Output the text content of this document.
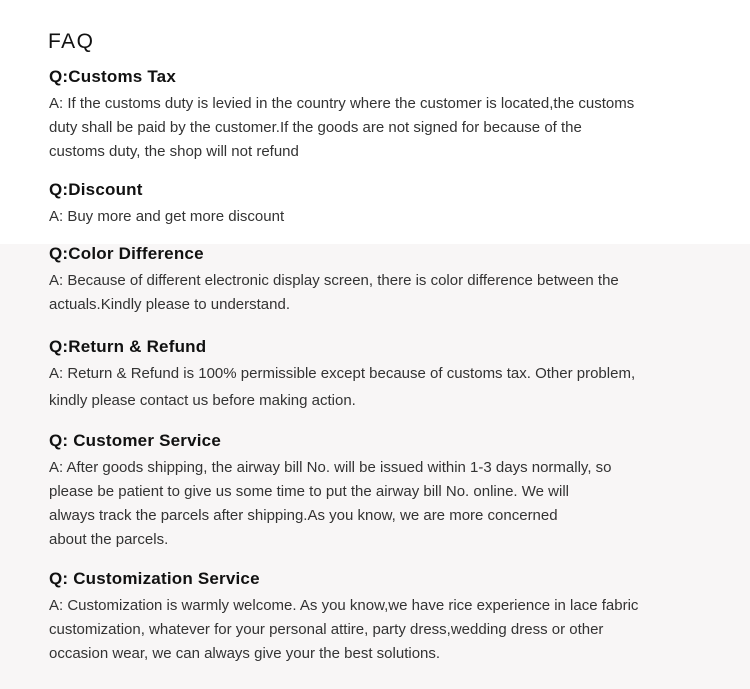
FAQ

Q:Customs Tax

A: If the customs duty is levied in the country where the customer is located,the customs
duty shall be paid by the customer.If the goods are not signed for because of the
customs duty, the shop will not refund

Q:Discount

A: Buy more and get more discount

Q:Color Difference

A: Because of different electronic display screen, there is color difference between the
actuals.Kindly please to understand.

Q:Return & Refund

A: Return & Refund is 100% permissible except because of customs tax. Other problem,
kindly please contact us before making action.

Q: Customer Service

A: After goods shipping, the airway bill No. will be issued within 1-3 days normally, so
please be patient to give us some time to put the airway bill No. online. We will
always track the parcels after shipping.As you know, we are more concerned
about the parcels.

Q: Customization Service

A: Customization is warmly welcome. As you know,we have rice experience in lace fabric
customization, whatever for your personal attire, party dress,wedding dress or other
occasion wear, we can always give your the best solutions.
